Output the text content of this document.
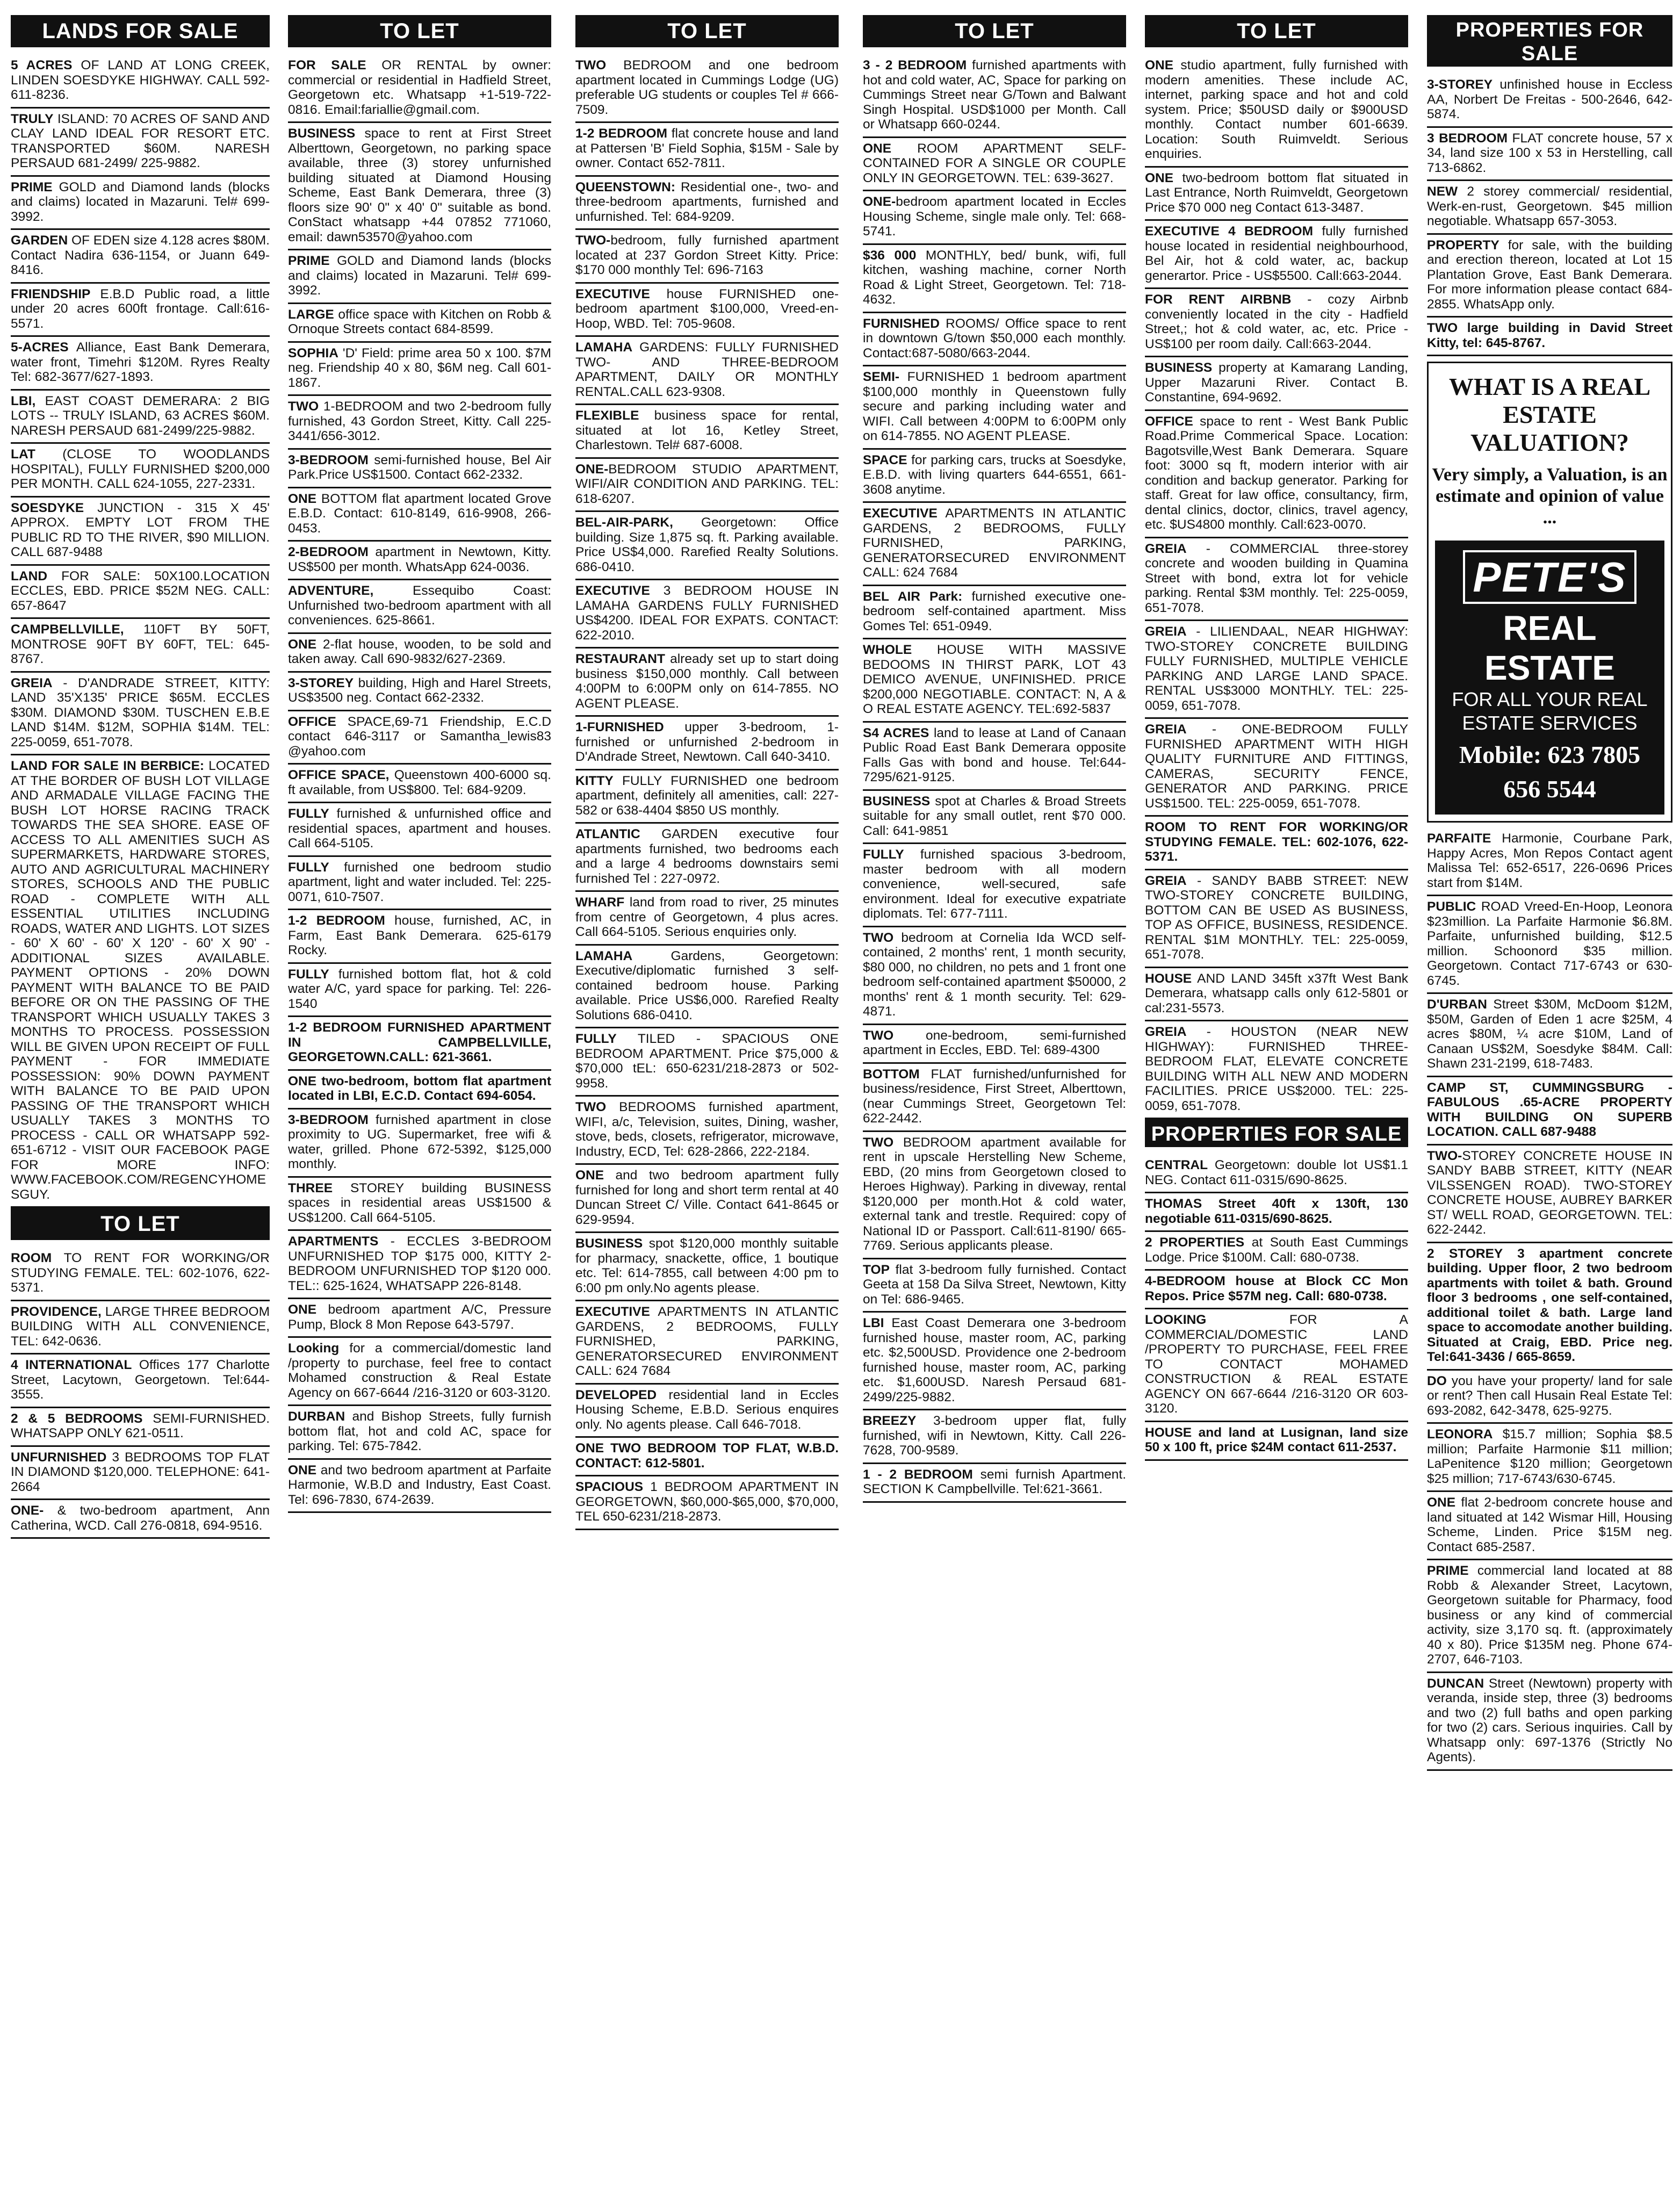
LANDS FOR SALE
5 ACRES OF LAND AT LONG CREEK, LINDEN SOESDYKE HIGHWAY. CALL 592-611-8236.
TRULY ISLAND: 70 ACRES OF SAND AND CLAY LAND IDEAL FOR RESORT ETC. TRANSPORTED $60M. NARESH PERSAUD 681-2499/ 225-9882.
PRIME GOLD and Diamond lands (blocks and claims) located in Mazaruni. Tel# 699-3992.
GARDEN OF EDEN size 4.128 acres $80M. Contact Nadira 636-1154, or Juann 649-8416.
FRIENDSHIP E.B.D Public road, a little under 20 acres 600ft frontage. Call:616-5571.
5-ACRES Alliance, East Bank Demerara, water front, Timehri $120M. Ryres Realty Tel: 682-3677/627-1893.
LBI, EAST COAST DEMERARA: 2 BIG LOTS -- TRULY ISLAND, 63 ACRES $60M. NARESH PERSAUD 681-2499/225-9882.
LAT (CLOSE TO WOODLANDS HOSPITAL), FULLY FURNISHED $200,000 PER MONTH. CALL 624-1055, 227-2331.
SOESDYKE JUNCTION - 315 X 45' APPROX. EMPTY LOT FROM THE PUBLIC RD TO THE RIVER, $90 MILLION. CALL 687-9488
LAND FOR SALE: 50X100.LOCATION ECCLES, EBD. PRICE $52M NEG. CALL: 657-8647
CAMPBELLVILLE, 110FT BY 50FT, MONTROSE 90FT BY 60FT, TEL: 645-8767.
GREIA - D'ANDRADE STREET, KITTY: LAND 35'X135' PRICE $65M. ECCLES $30M. DIAMOND $30M. TUSCHEN E.B.E LAND $14M. $12M, SOPHIA $14M. TEL: 225-0059, 651-7078.
LAND FOR SALE IN BERBICE: LOCATED AT THE BORDER OF BUSH LOT VILLAGE AND ARMADALE VILLAGE FACING THE BUSH LOT HORSE RACING TRACK TOWARDS THE SEA SHORE. EASE OF ACCESS TO ALL AMENITIES SUCH AS SUPERMARKETS, HARDWARE STORES, AUTO AND AGRICULTURAL MACHINERY STORES, SCHOOLS AND THE PUBLIC ROAD - COMPLETE WITH ALL ESSENTIAL UTILITIES INCLUDING ROADS, WATER AND LIGHTS. LOT SIZES - 60' X 60' - 60' X 120' - 60' X 90' - ADDITIONAL SIZES AVAILABLE. PAYMENT OPTIONS - 20% DOWN PAYMENT WITH BALANCE TO BE PAID BEFORE OR ON THE PASSING OF THE TRANSPORT WHICH USUALLY TAKES 3 MONTHS TO PROCESS. POSSESSION WILL BE GIVEN UPON RECEIPT OF FULL PAYMENT - FOR IMMEDIATE POSSESSION: 90% DOWN PAYMENT WITH BALANCE TO BE PAID UPON PASSING OF THE TRANSPORT WHICH USUALLY TAKES 3 MONTHS TO PROCESS - CALL OR WHATSAPP 592-651-6712 - VISIT OUR FACEBOOK PAGE FOR MORE INFO: WWW.FACEBOOK.COM/REGENCYHOMESGUY.
TO LET
ROOM TO RENT FOR WORKING/OR STUDYING FEMALE. TEL: 602-1076, 622-5371.
PROVIDENCE, LARGE THREE BEDROOM BUILDING WITH ALL CONVENIENCE, TEL: 642-0636.
4 INTERNATIONAL Offices 177 Charlotte Street, Lacytown, Georgetown. Tel:644-3555.
2 & 5 BEDROOMS SEMI-FURNISHED. WHATSAPP ONLY 621-0511.
UNFURNISHED 3 BEDROOMS TOP FLAT IN DIAMOND $120,000. TELEPHONE: 641-2664
ONE- & two-bedroom apartment, Ann Catherina, WCD. Call 276-0818, 694-9516.
TO LET
FOR SALE OR RENTAL by owner: commercial or residential in Hadfield Street, Georgetown etc. Whatsapp +1-519-722-0816. Email:fariallie@gmail.com.
BUSINESS space to rent at First Street Alberttown, Georgetown, no parking space available, three (3) storey unfurnished building situated at Diamond Housing Scheme, East Bank Demerara, three (3) floors size 90' 0" x 40' 0" suitable as bond. ConStact whatsapp +44 07852 771060, email: dawn53570@yahoo.com
PRIME GOLD and Diamond lands (blocks and claims) located in Mazaruni. Tel# 699-3992.
LARGE office space with Kitchen on Robb & Ornoque Streets contact 684-8599.
SOPHIA 'D' Field: prime area 50 x 100. $7M neg. Friendship 40 x 80, $6M neg. Call 601-1867.
TWO 1-BEDROOM and two 2-bedroom fully furnished, 43 Gordon Street, Kitty. Call 225- 3441/656-3012.
3-BEDROOM semi-furnished house, Bel Air Park.Price US$1500. Contact 662-2332.
ONE BOTTOM flat apartment located Grove E.B.D. Contact: 610-8149, 616-9908, 266-0453.
2-BEDROOM apartment in Newtown, Kitty. US$500 per month. WhatsApp 624-0036.
ADVENTURE, Essequibo Coast: Unfurnished two-bedroom apartment with all conveniences. 625-8661.
ONE 2-flat house, wooden, to be sold and taken away. Call 690-9832/627-2369.
3-STOREY building, High and Harel Streets, US$3500 neg. Contact 662-2332.
OFFICE SPACE,69-71 Friendship, E.C.D contact 646-3117 or Samantha_lewis83 @yahoo.com
OFFICE SPACE, Queenstown 400-6000 sq. ft available, from US$800. Tel: 684-9209.
FULLY furnished & unfurnished office and residential spaces, apartment and houses. Call 664-5105.
FULLY furnished one bedroom studio apartment, light and water included. Tel: 225-0071, 610-7507.
1-2 BEDROOM house, furnished, AC, in Farm, East Bank Demerara. 625-6179 Rocky.
FULLY furnished bottom flat, hot & cold water A/C, yard space for parking. Tel: 226-1540
1-2 BEDROOM FURNISHED APARTMENT IN CAMPBELLVILLE, GEORGETOWN.CALL: 621-3661.
ONE two-bedroom, bottom flat apartment located in LBI, E.C.D. Contact 694-6054.
3-BEDROOM furnished apartment in close proximity to UG. Supermarket, free wifi & water, grilled. Phone 672-5392, $125,000 monthly.
THREE STOREY building BUSINESS spaces in residential areas US$1500 & US$1200. Call 664-5105.
APARTMENTS - ECCLES 3-BEDROOM UNFURNISHED TOP $175 000, KITTY 2-BEDROOM UNFURNISHED TOP $120 000. TEL:: 625-1624, WHATSAPP 226-8148.
ONE bedroom apartment A/C, Pressure Pump, Block 8 Mon Repose 643-5797.
Looking for a commercial/domestic land /property to purchase, feel free to contact Mohamed construction & Real Estate Agency on 667-6644 /216-3120 or 603-3120.
DURBAN and Bishop Streets, fully furnish bottom flat, hot and cold AC, space for parking. Tel: 675-7842.
ONE and two bedroom apartment at Parfaite Harmonie, W.B.D and Industry, East Coast. Tel: 696-7830, 674-2639.
TO LET
TWO BEDROOM and one bedroom apartment located in Cummings Lodge (UG) preferable UG students or couples Tel # 666-7509.
1-2 BEDROOM flat concrete house and land at Pattersen 'B' Field Sophia, $15M - Sale by owner. Contact 652-7811.
QUEENSTOWN: Residential one-, two- and three-bedroom apartments, furnished and unfurnished. Tel: 684-9209.
TWO-bedroom, fully furnished apartment located at 237 Gordon Street Kitty. Price: $170 000 monthly Tel: 696-7163
EXECUTIVE house FURNISHED one-bedroom apartment $100,000, Vreed-en-Hoop, WBD. Tel: 705-9608.
LAMAHA GARDENS: FULLY FURNISHED TWO- AND THREE-BEDROOM APARTMENT, DAILY OR MONTHLY RENTAL.CALL 623-9308.
FLEXIBLE business space for rental, situated at lot 16, Ketley Street, Charlestown. Tel# 687-6008.
ONE-BEDROOM STUDIO APARTMENT, WIFI/AIR CONDITION AND PARKING. TEL: 618-6207.
BEL-AIR-PARK, Georgetown: Office building. Size 1,875 sq. ft. Parking available. Price US$4,000. Rarefied Realty Solutions. 686-0410.
EXECUTIVE 3 BEDROOM HOUSE IN LAMAHA GARDENS FULLY FURNISHED US$4200. IDEAL FOR EXPATS. CONTACT: 622-2010.
RESTAURANT already set up to start doing business $150,000 monthly. Call between 4:00PM to 6:00PM only on 614-7855. NO AGENT PLEASE.
1-FURNISHED upper 3-bedroom, 1-furnished or unfurnished 2-bedroom in D'Andrade Street, Newtown. Call 640-3410.
KITTY FULLY FURNISHED one bedroom apartment, definitely all amenities, call: 227-582 or 638-4404 $850 US monthly.
ATLANTIC GARDEN executive four apartments furnished, two bedrooms each and a large 4 bedrooms downstairs semi furnished Tel : 227-0972.
WHARF land from road to river, 25 minutes from centre of Georgetown, 4 plus acres. Call 664-5105. Serious enquiries only.
LAMAHA Gardens, Georgetown: Executive/diplomatic furnished 3 self-contained bedroom house. Parking available. Price US$6,000. Rarefied Realty Solutions 686-0410.
FULLY TILED - SPACIOUS ONE BEDROOM APARTMENT. Price $75,000 & $70,000 tEL: 650-6231/218-2873 or 502-9958.
TWO BEDROOMS furnished apartment, WIFI, a/c, Television, suites, Dining, washer, stove, beds, closets, refrigerator, microwave, Industry, ECD, Tel: 628-2866, 222-2184.
ONE and two bedroom apartment fully furnished for long and short term rental at 40 Duncan Street C/ Ville. Contact 641-8645 or 629-9594.
BUSINESS spot $120,000 monthly suitable for pharmacy, snackette, office, 1 boutique etc. Tel: 614-7855, call between 4:00 pm to 6:00 pm only.No agents please.
EXECUTIVE APARTMENTS IN ATLANTIC GARDENS, 2 BEDROOMS, FULLY FURNISHED, PARKING, GENERATORSECURED ENVIRONMENT CALL: 624 7684
DEVELOPED residential land in Eccles Housing Scheme, E.B.D. Serious enquires only. No agents please. Call 646-7018.
ONE TWO BEDROOM TOP FLAT, W.B.D. CONTACT: 612-5801.
SPACIOUS 1 BEDROOM APARTMENT IN GEORGETOWN, $60,000-$65,000, $70,000, TEL 650-6231/218-2873.
TO LET
3 - 2 BEDROOM furnished apartments with hot and cold water, AC, Space for parking on Cummings Street near G/Town and Balwant Singh Hospital. USD$1000 per Month. Call or Whatsapp 660-0244.
ONE ROOM APARTMENT SELF-CONTAINED FOR A SINGLE OR COUPLE ONLY IN GEORGETOWN. TEL: 639-3627.
ONE-bedroom apartment located in Eccles Housing Scheme, single male only. Tel: 668-5741.
$36 000 MONTHLY, bed/ bunk, wifi, full kitchen, washing machine, corner North Road & Light Street, Georgetown. Tel: 718-4632.
FURNISHED ROOMS/ Office space to rent in downtown G/town $50,000 each monthly. Contact:687-5080/663-2044.
SEMI- FURNISHED 1 bedroom apartment $100,000 monthly in Queenstown fully secure and parking including water and WIFI. Call between 4:00PM to 6:00PM only on 614-7855. NO AGENT PLEASE.
SPACE for parking cars, trucks at Soesdyke, E.B.D. with living quarters 644-6551, 661-3608 anytime.
EXECUTIVE APARTMENTS IN ATLANTIC GARDENS, 2 BEDROOMS, FULLY FURNISHED, PARKING, GENERATORSECURED ENVIRONMENT CALL: 624 7684
BEL AIR Park: furnished executive one-bedroom self-contained apartment. Miss Gomes Tel: 651-0949.
WHOLE HOUSE WITH MASSIVE BEDOOMS IN THIRST PARK, LOT 43 DEMICO AVENUE, UNFINISHED. PRICE $200,000 NEGOTIABLE. CONTACT: N, A & O REAL ESTATE AGENCY. TEL:692-5837
S4 ACRES land to lease at Land of Canaan Public Road East Bank Demerara opposite Falls Gas with bond and house. Tel:644-7295/621-9125.
BUSINESS spot at Charles & Broad Streets suitable for any small outlet, rent $70 000. Call: 641-9851
FULLY furnished spacious 3-bedroom, master bedroom with all modern convenience, well-secured, safe environment. Ideal for executive expatriate diplomats. Tel: 677-7111.
TWO bedroom at Cornelia Ida WCD self-contained, 2 months' rent, 1 month security, $80 000, no children, no pets and 1 front one bedroom self-contained apartment $50000, 2 months' rent & 1 month security. Tel: 629-4871.
TWO one-bedroom, semi-furnished apartment in Eccles, EBD. Tel: 689-4300
BOTTOM FLAT furnished/unfurnished for business/residence, First Street, Alberttown, (near Cummings Street, Georgetown Tel: 622-2442.
TWO BEDROOM apartment available for rent in upscale Herstelling New Scheme, EBD, (20 mins from Georgetown closed to Heroes Highway). Parking in diveway, rental $120,000 per month.Hot & cold water, external tank and trestle. Required: copy of National ID or Passport. Call:611-8190/ 665-7769. Serious applicants please.
TOP flat 3-bedroom fully furnished. Contact Geeta at 158 Da Silva Street, Newtown, Kitty on Tel: 686-9465.
LBI East Coast Demerara one 3-bedroom furnished house, master room, AC, parking etc. $2,500USD. Providence one 2-bedroom furnished house, master room, AC, parking etc. $1,600USD. Naresh Persaud 681-2499/225-9882.
BREEZY 3-bedroom upper flat, fully furnished, wifi in Newtown, Kitty. Call 226-7628, 700-9589.
1 - 2 BEDROOM semi furnish Apartment. SECTION K Campbellville. Tel:621-3661.
TO LET
ONE studio apartment, fully furnished with modern amenities. These include AC, internet, parking space and hot and cold system. Price; $50USD daily or $900USD monthly. Contact number 601-6639. Location: South Ruimveldt. Serious enquiries.
ONE two-bedroom bottom flat situated in Last Entrance, North Ruimveldt, Georgetown Price $70 000 neg Contact 613-3487.
EXECUTIVE 4 BEDROOM fully furnished house located in residential neighbourhood, Bel Air, hot & cold water, ac, backup generartor. Price - US$5500. Call:663-2044.
FOR RENT AIRBNB - cozy Airbnb conveniently located in the city - Hadfield Street,; hot & cold water, ac, etc. Price - US$100 per room daily. Call:663-2044.
BUSINESS property at Kamarang Landing, Upper Mazaruni River. Contact B. Constantine, 694-9692.
OFFICE space to rent - West Bank Public Road.Prime Commerical Space. Location: Bagotsville,West Bank Demerara. Square foot: 3000 sq ft, modern interior with air condition and backup generator. Parking for staff. Great for law office, consultancy, firm, dental clinics, doctor, clinics, travel agency, etc. $US4800 monthly. Call:623-0070.
GREIA - COMMERCIAL three-storey concrete and wooden building in Quamina Street with bond, extra lot for vehicle parking. Rental $3M monthly. Tel: 225-0059, 651-7078.
GREIA - LILIENDAAL, NEAR HIGHWAY: TWO-STOREY CONCRETE BUILDING FULLY FURNISHED, MULTIPLE VEHICLE PARKING AND LARGE LAND SPACE. RENTAL US$3000 MONTHLY. TEL: 225-0059, 651-7078.
GREIA - ONE-BEDROOM FULLY FURNISHED APARTMENT WITH HIGH QUALITY FURNITURE AND FITTINGS, CAMERAS, SECURITY FENCE, GENERATOR AND PARKING. PRICE US$1500. TEL: 225-0059, 651-7078.
ROOM TO RENT FOR WORKING/OR STUDYING FEMALE. TEL: 602-1076, 622-5371.
GREIA - SANDY BABB STREET: NEW TWO-STOREY CONCRETE BUILDING, BOTTOM CAN BE USED AS BUSINESS, TOP AS OFFICE, BUSINESS, RESIDENCE. RENTAL $1M MONTHLY. TEL: 225-0059, 651-7078.
HOUSE AND LAND 345ft x37ft West Bank Demerara, whatsapp calls only 612-5801 or cal:231-5573.
GREIA - HOUSTON (NEAR NEW HIGHWAY): FURNISHED THREE-BEDROOM FLAT, ELEVATE CONCRETE BUILDING WITH ALL NEW AND MODERN FACILITIES. PRICE US$2000. TEL: 225-0059, 651-7078.
PROPERTIES FOR SALE
CENTRAL Georgetown: double lot US$1.1 NEG. Contact 611-0315/690-8625.
THOMAS Street 40ft x 130ft, 130 negotiable 611-0315/690-8625.
2 PROPERTIES at South East Cummings Lodge. Price $100M. Call: 680-0738.
4-BEDROOM house at Block CC Mon Repos. Price $57M neg. Call: 680-0738.
LOOKING FOR A COMMERCIAL/DOMESTIC LAND /PROPERTY TO PURCHASE, FEEL FREE TO CONTACT MOHAMED CONSTRUCTION & REAL ESTATE AGENCY ON 667-6644 /216-3120 OR 603-3120.
HOUSE and land at Lusignan, land size 50 x 100 ft, price $24M contact 611-2537.
PROPERTIES FOR SALE
3-STOREY unfinished house in Eccless AA, Norbert De Freitas - 500-2646, 642-5874.
3 BEDROOM FLAT concrete house, 57 x 34, land size 100 x 53 in Herstelling, call 713-6862.
NEW 2 storey commercial/ residential, Werk-en-rust, Georgetown. $45 million negotiable. Whatsapp 657-3053.
PROPERTY for sale, with the building and erection thereon, located at Lot 15 Plantation Grove, East Bank Demerara. For more information please contact 684-2855. WhatsApp only.
TWO large building in David Street Kitty, tel: 645-8767.
WHAT IS A REAL ESTATE VALUATION?
Very simply, a Valuation, is an estimate and opinion of value ...
PETE'S
REAL ESTATE
FOR ALL YOUR REAL ESTATE SERVICES
Mobile: 623 7805
656 5544
PARFAITE Harmonie, Courbane Park, Happy Acres, Mon Repos Contact agent Malissa Tel: 652-6517, 226-0696 Prices start from $14M.
PUBLIC ROAD Vreed-En-Hoop, Leonora $23million. La Parfaite Harmonie $6.8M. Parfaite, unfurnished building, $12.5 million. Schoonord $35 million. Georgetown. Contact 717-6743 or 630-6745.
D'URBAN Street $30M, McDoom $12M, $50M, Garden of Eden 1 acre $25M, 4 acres $80M, ¼ acre $10M, Land of Canaan US$2M, Soesdyke $84M. Call: Shawn 231-2199, 618-7483.
CAMP ST, CUMMINGSBURG - FABULOUS .65-ACRE PROPERTY WITH BUILDING ON SUPERB LOCATION. CALL 687-9488
TWO-STOREY CONCRETE HOUSE IN SANDY BABB STREET, KITTY (NEAR VILSSENGEN ROAD). TWO-STOREY CONCRETE HOUSE, AUBREY BARKER ST/ WELL ROAD, GEORGETOWN. TEL: 622-2442.
2 STOREY 3 apartment concrete building. Upper floor, 2 two bedroom apartments with toilet & bath. Ground floor 3 bedrooms , one self-contained, additional toilet & bath. Large land space to accomodate another building. Situated at Craig, EBD. Price neg. Tel:641-3436 / 665-8659.
DO you have your property/ land for sale or rent? Then call Husain Real Estate Tel: 693-2082, 642-3478, 625-9275.
LEONORA $15.7 million; Sophia $8.5 million; Parfaite Harmonie $11 million; LaPenitence $120 million; Georgetown $25 million; 717-6743/630-6745.
ONE flat 2-bedroom concrete house and land situated at 142 Wismar Hill, Housing Scheme, Linden. Price $15M neg. Contact 685-2587.
PRIME commercial land located at 88 Robb & Alexander Street, Lacytown, Georgetown suitable for Pharmacy, food business or any kind of commercial activity, size 3,170 sq. ft. (approximately 40 x 80). Price $135M neg. Phone 674-2707, 646-7103.
DUNCAN Street (Newtown) property with veranda, inside step, three (3) bedrooms and two (2) full baths and open parking for two (2) cars. Serious inquiries. Call by Whatsapp only: 697-1376 (Strictly No Agents).
